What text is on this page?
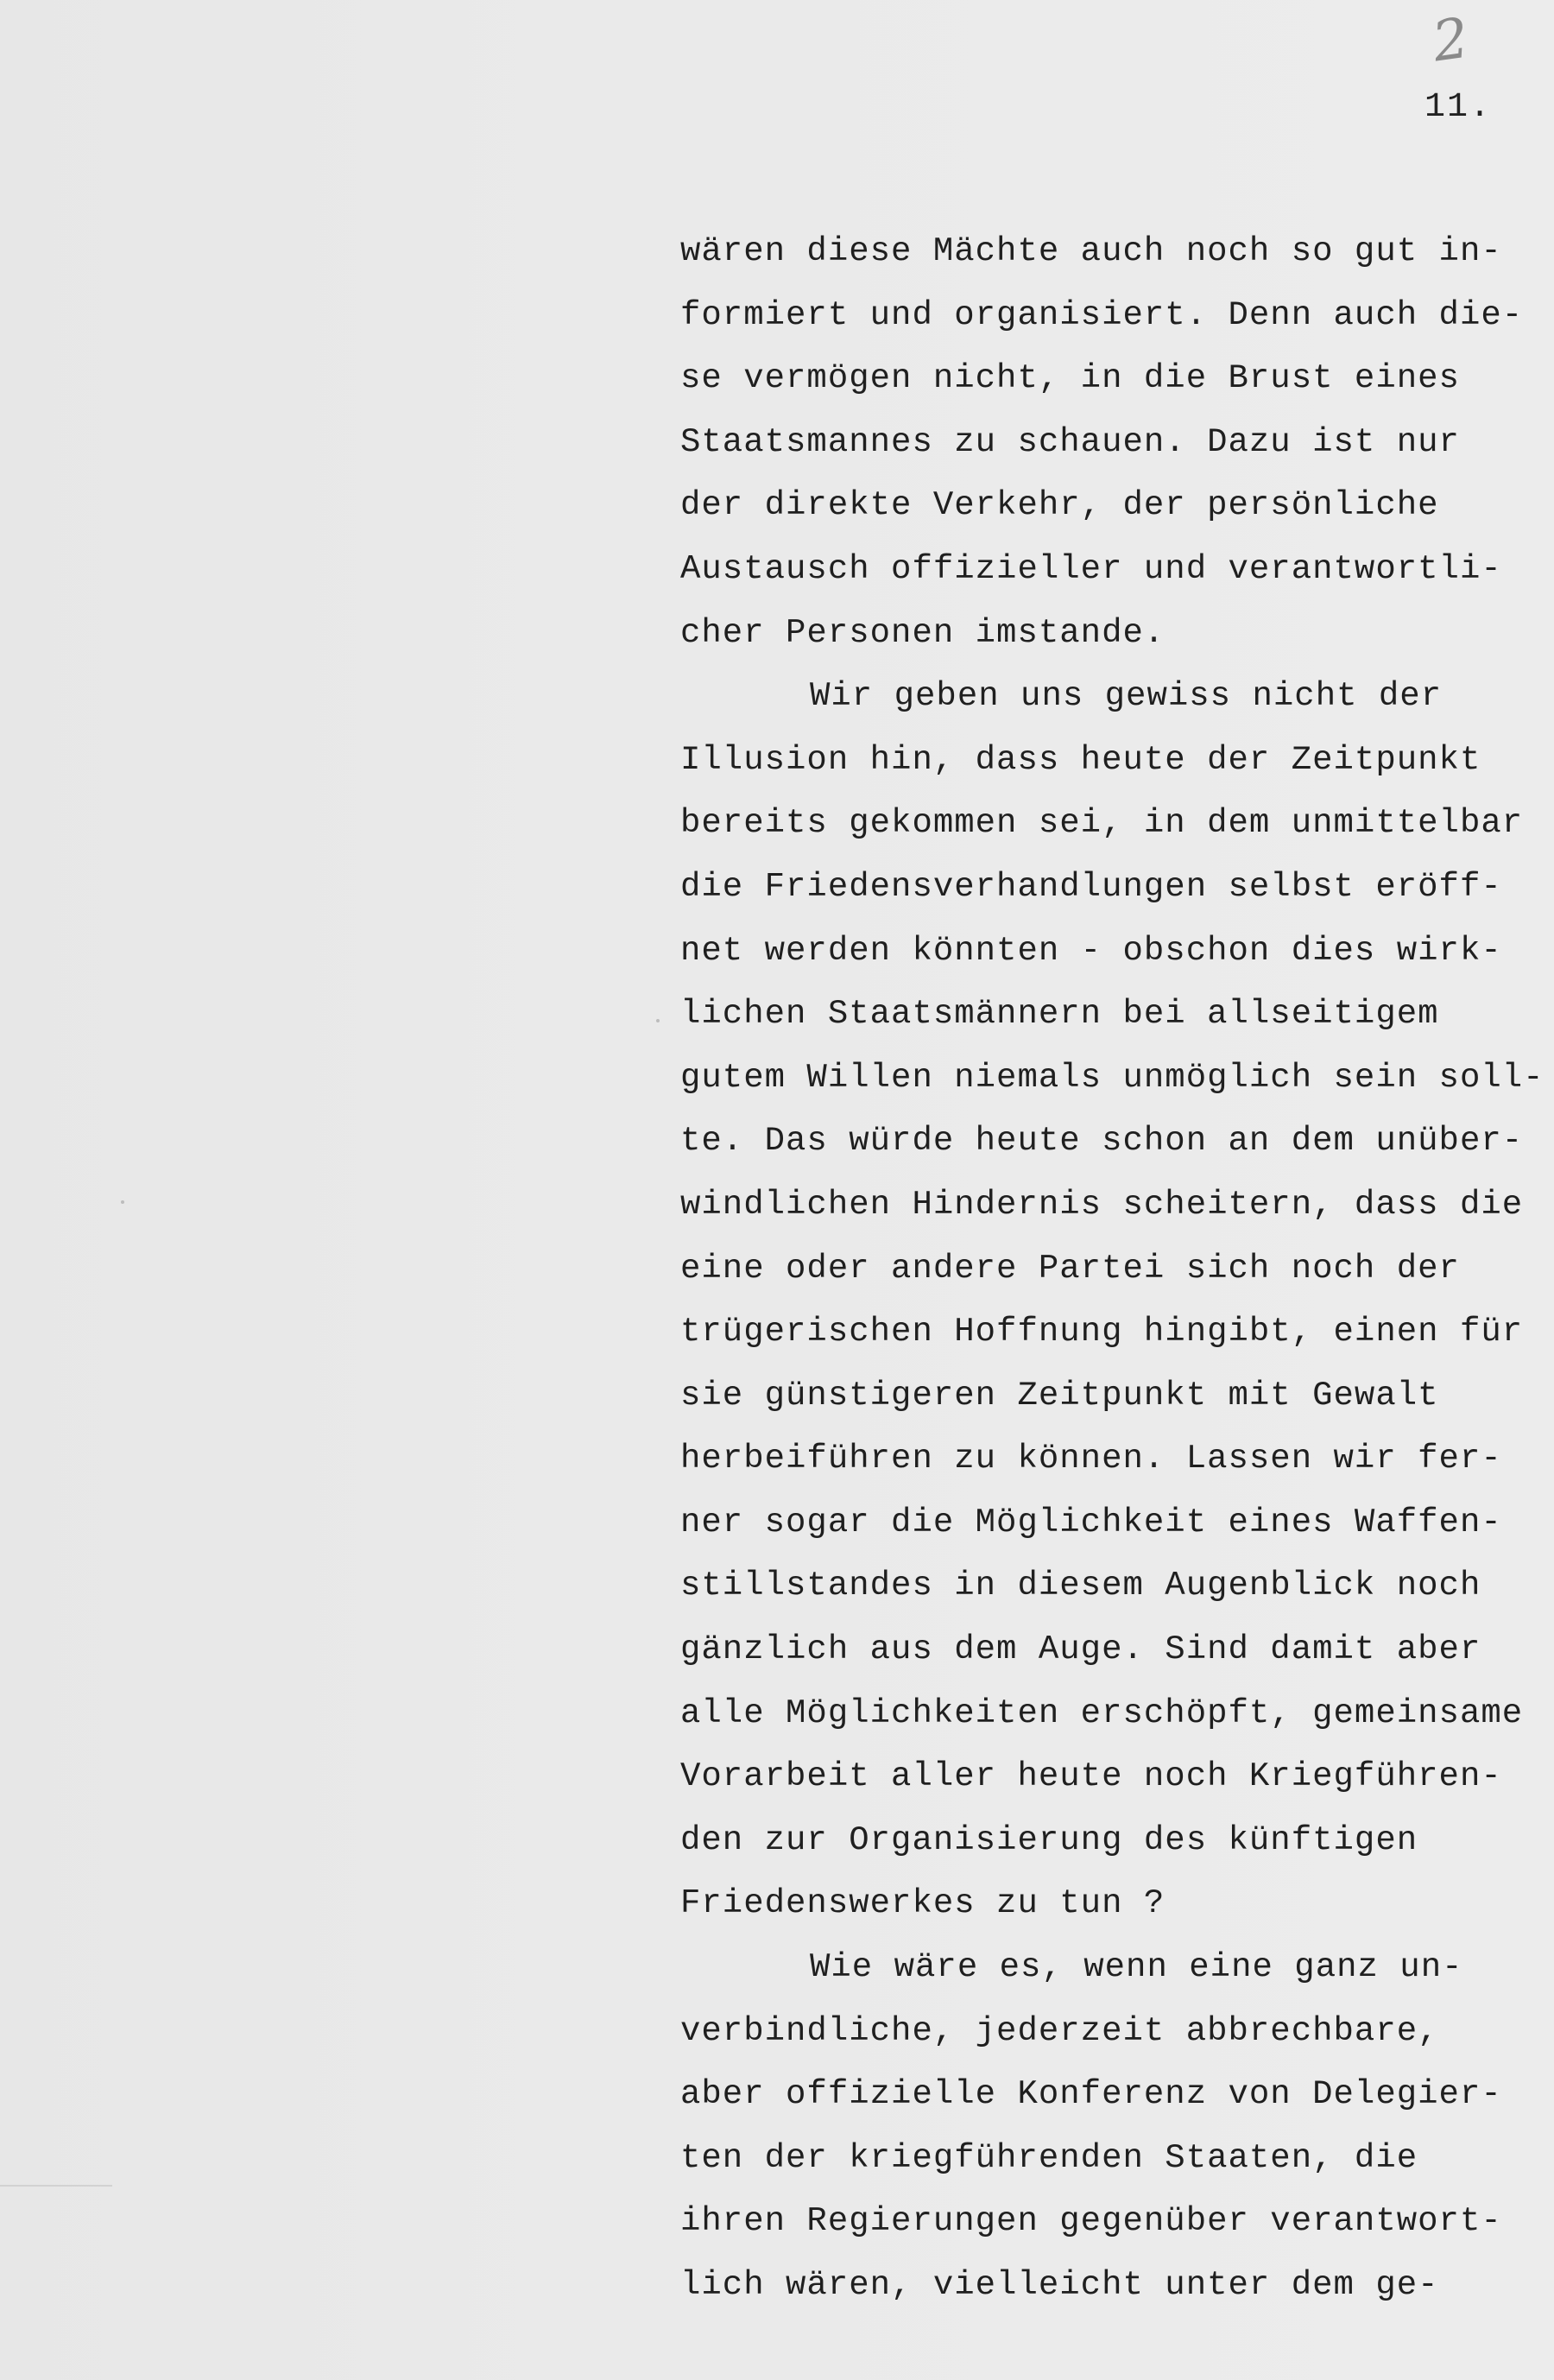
2
11.
wären diese Mächte auch noch so gut in-
formiert und organisiert. Denn auch die-
se vermögen nicht, in die Brust eines
Staatsmannes zu schauen. Dazu ist nur
der direkte Verkehr, der persönliche
Austausch offizieller und verantwortli-
cher Personen imstande.
Wir geben uns gewiss nicht der
Illusion hin, dass heute der Zeitpunkt
bereits gekommen sei, in dem unmittelbar
die Friedensverhandlungen selbst eröff-
net werden könnten - obschon dies wirk-
lichen Staatsmännern bei allseitigem
gutem Willen niemals unmöglich sein soll-
te. Das würde heute schon an dem unüber-
windlichen Hindernis scheitern, dass die
eine oder andere Partei sich noch der
trügerischen Hoffnung hingibt, einen für
sie günstigeren Zeitpunkt mit Gewalt
herbeiführen zu können. Lassen wir fer-
ner sogar die Möglichkeit eines Waffen-
stillstandes in diesem Augenblick noch
gänzlich aus dem Auge. Sind damit aber
alle Möglichkeiten erschöpft, gemeinsame
Vorarbeit aller heute noch Kriegführen-
den zur Organisierung des künftigen
Friedenswerkes zu tun ?
Wie wäre es, wenn eine ganz un-
verbindliche, jederzeit abbrechbare,
aber offizielle Konferenz von Delegier-
ten der kriegführenden Staaten, die
ihren Regierungen gegenüber verantwort-
lich wären, vielleicht unter dem ge-
